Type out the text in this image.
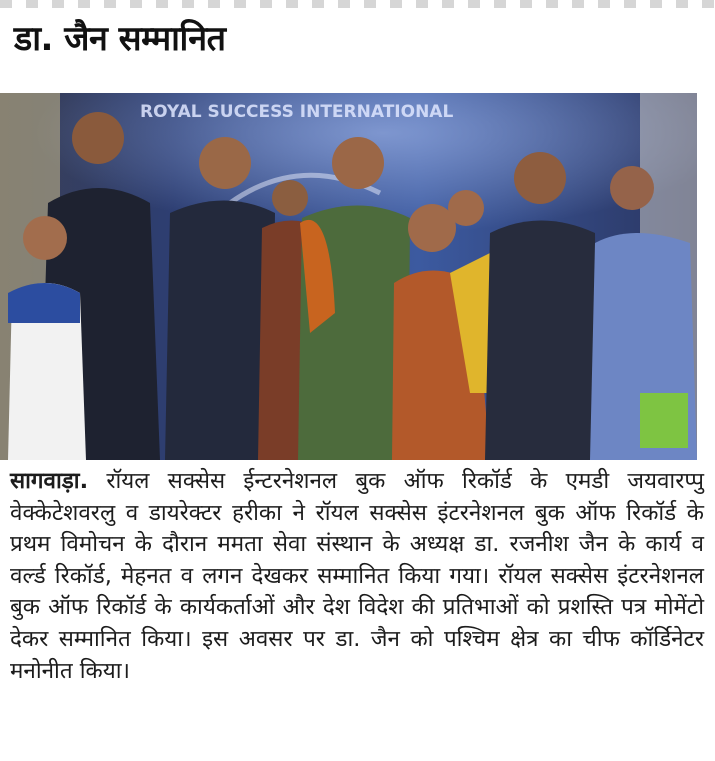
डा. जैन सम्मानित
ROYAL SUCCESS INTERNATIONAL
सागवाड़ा. रॉयल सक्सेस ईन्टरनेशनल बुक ऑफ रिकॉर्ड के एमडी जयवारप्पु वेक्केटेशवरलु व डायरेक्टर हरीका ने रॉयल सक्सेस इंटरनेशनल बुक ऑफ रिकॉर्ड के प्रथम विमोचन के दौरान ममता सेवा संस्थान के अध्यक्ष डा. रजनीश जैन के कार्य व वर्ल्ड रिकॉर्ड, मेहनत व लगन देखकर सम्मानित किया गया। रॉयल सक्सेस इंटरनेशनल बुक ऑफ रिकॉर्ड के कार्यकर्ताओं और देश विदेश की प्रतिभाओं को प्रशस्ति पत्र मोमेंटो देकर सम्मानित किया। इस अवसर पर डा. जैन को पश्चिम क्षेत्र का चीफ कॉर्डिनेटर मनोनीत किया।
